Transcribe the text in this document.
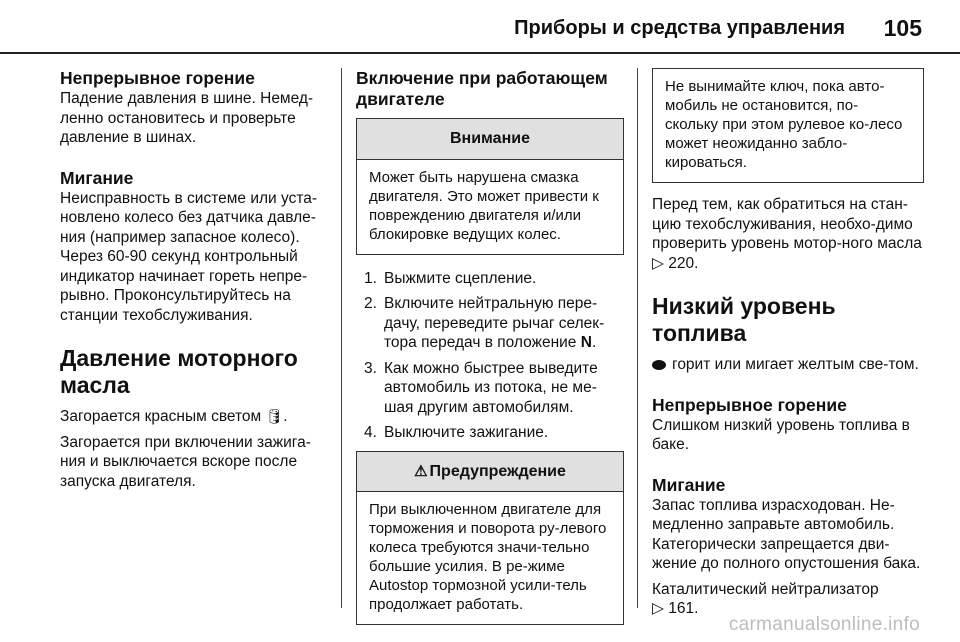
Приборы и средства управления 105
Непрерывное горение

Падение давления в шине. Немед-ленно остановитесь и проверьте давление в шинах.

Мигание

Неисправность в системе или уста-новлено колесо без датчика давле-ния (например запасное колесо). Через 60-90 секунд контрольный индикатор начинает гореть непре-рывно. Проконсультируйтесь на станции техобслуживания.

Давление моторного масла

Загорается красным светом 🛢.

Загорается при включении зажига-ния и выключается вскоре после запуска двигателя.

Включение при работающем двигателе
Внимание
Может быть нарушена смазка двигателя. Это может привести к повреждению двигателя и/или блокировке ведущих колес.
1. Выжмите сцепление.
2. Включите нейтральную пере-дачу, переведите рычаг селек-тора передач в положение N.
3. Как можно быстрее выведите автомобиль из потока, не ме-шая другим автомобилям.
4. Выключите зажигание.
⚠ Предупреждение
При выключенном двигателе для торможения и поворота ру-левого колеса требуются значи-тельно большие усилия. В ре-жиме Autostop тормозной усили-тель продолжает работать.
Не вынимайте ключ, пока авто-мобиль не остановится, по-скольку при этом рулевое ко-лесо может неожиданно забло-кироваться.

Перед тем, как обратиться на стан-цию техобслуживания, необхо-димо проверить уровень мотор-ного масла ▷ 220.

Низкий уровень топлива

горит или мигает желтым све-том.

Непрерывное горение

Слишком низкий уровень топлива в баке.

Мигание

Запас топлива израсходован. Не-медленно заправьте автомобиль. Категорически запрещается дви-жение до полного опустошения бака.

Каталитический нейтрализатор
▷ 161.

carmanualsonline.info
